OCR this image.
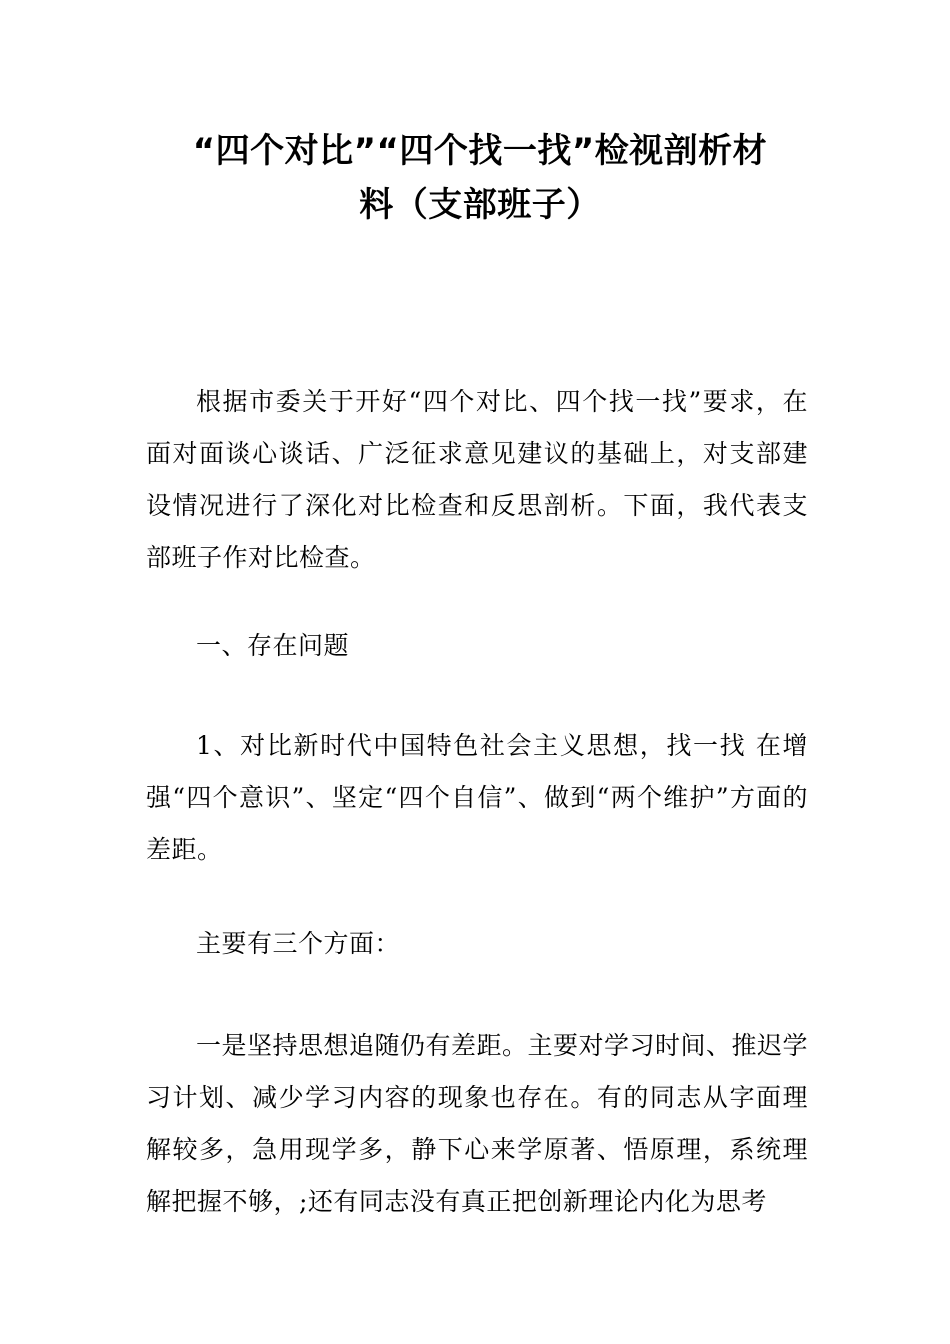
“四个对比”“四个找一找”检视剖析材
料（支部班子）

根据市委关于开好“四个对比、四个找一找”要求，在面对面谈心谈话、广泛征求意见建议的基础上，对支部建设情况进行了深化对比检查和反思剖析。下面，我代表支部班子作对比检查。

一、存在问题

1、对比新时代中国特色社会主义思想，找一找 在增强“四个意识”、坚定“四个自信”、做到“两个维护”方面的差距。

主要有三个方面：

一是坚持思想追随仍有差距。主要对学习时间、推迟学习计划、减少学习内容的现象也存在。有的同志从字面理解较多，急用现学多，静下心来学原著、悟原理，系统理解把握不够，;还有同志没有真正把创新理论内化为思考
